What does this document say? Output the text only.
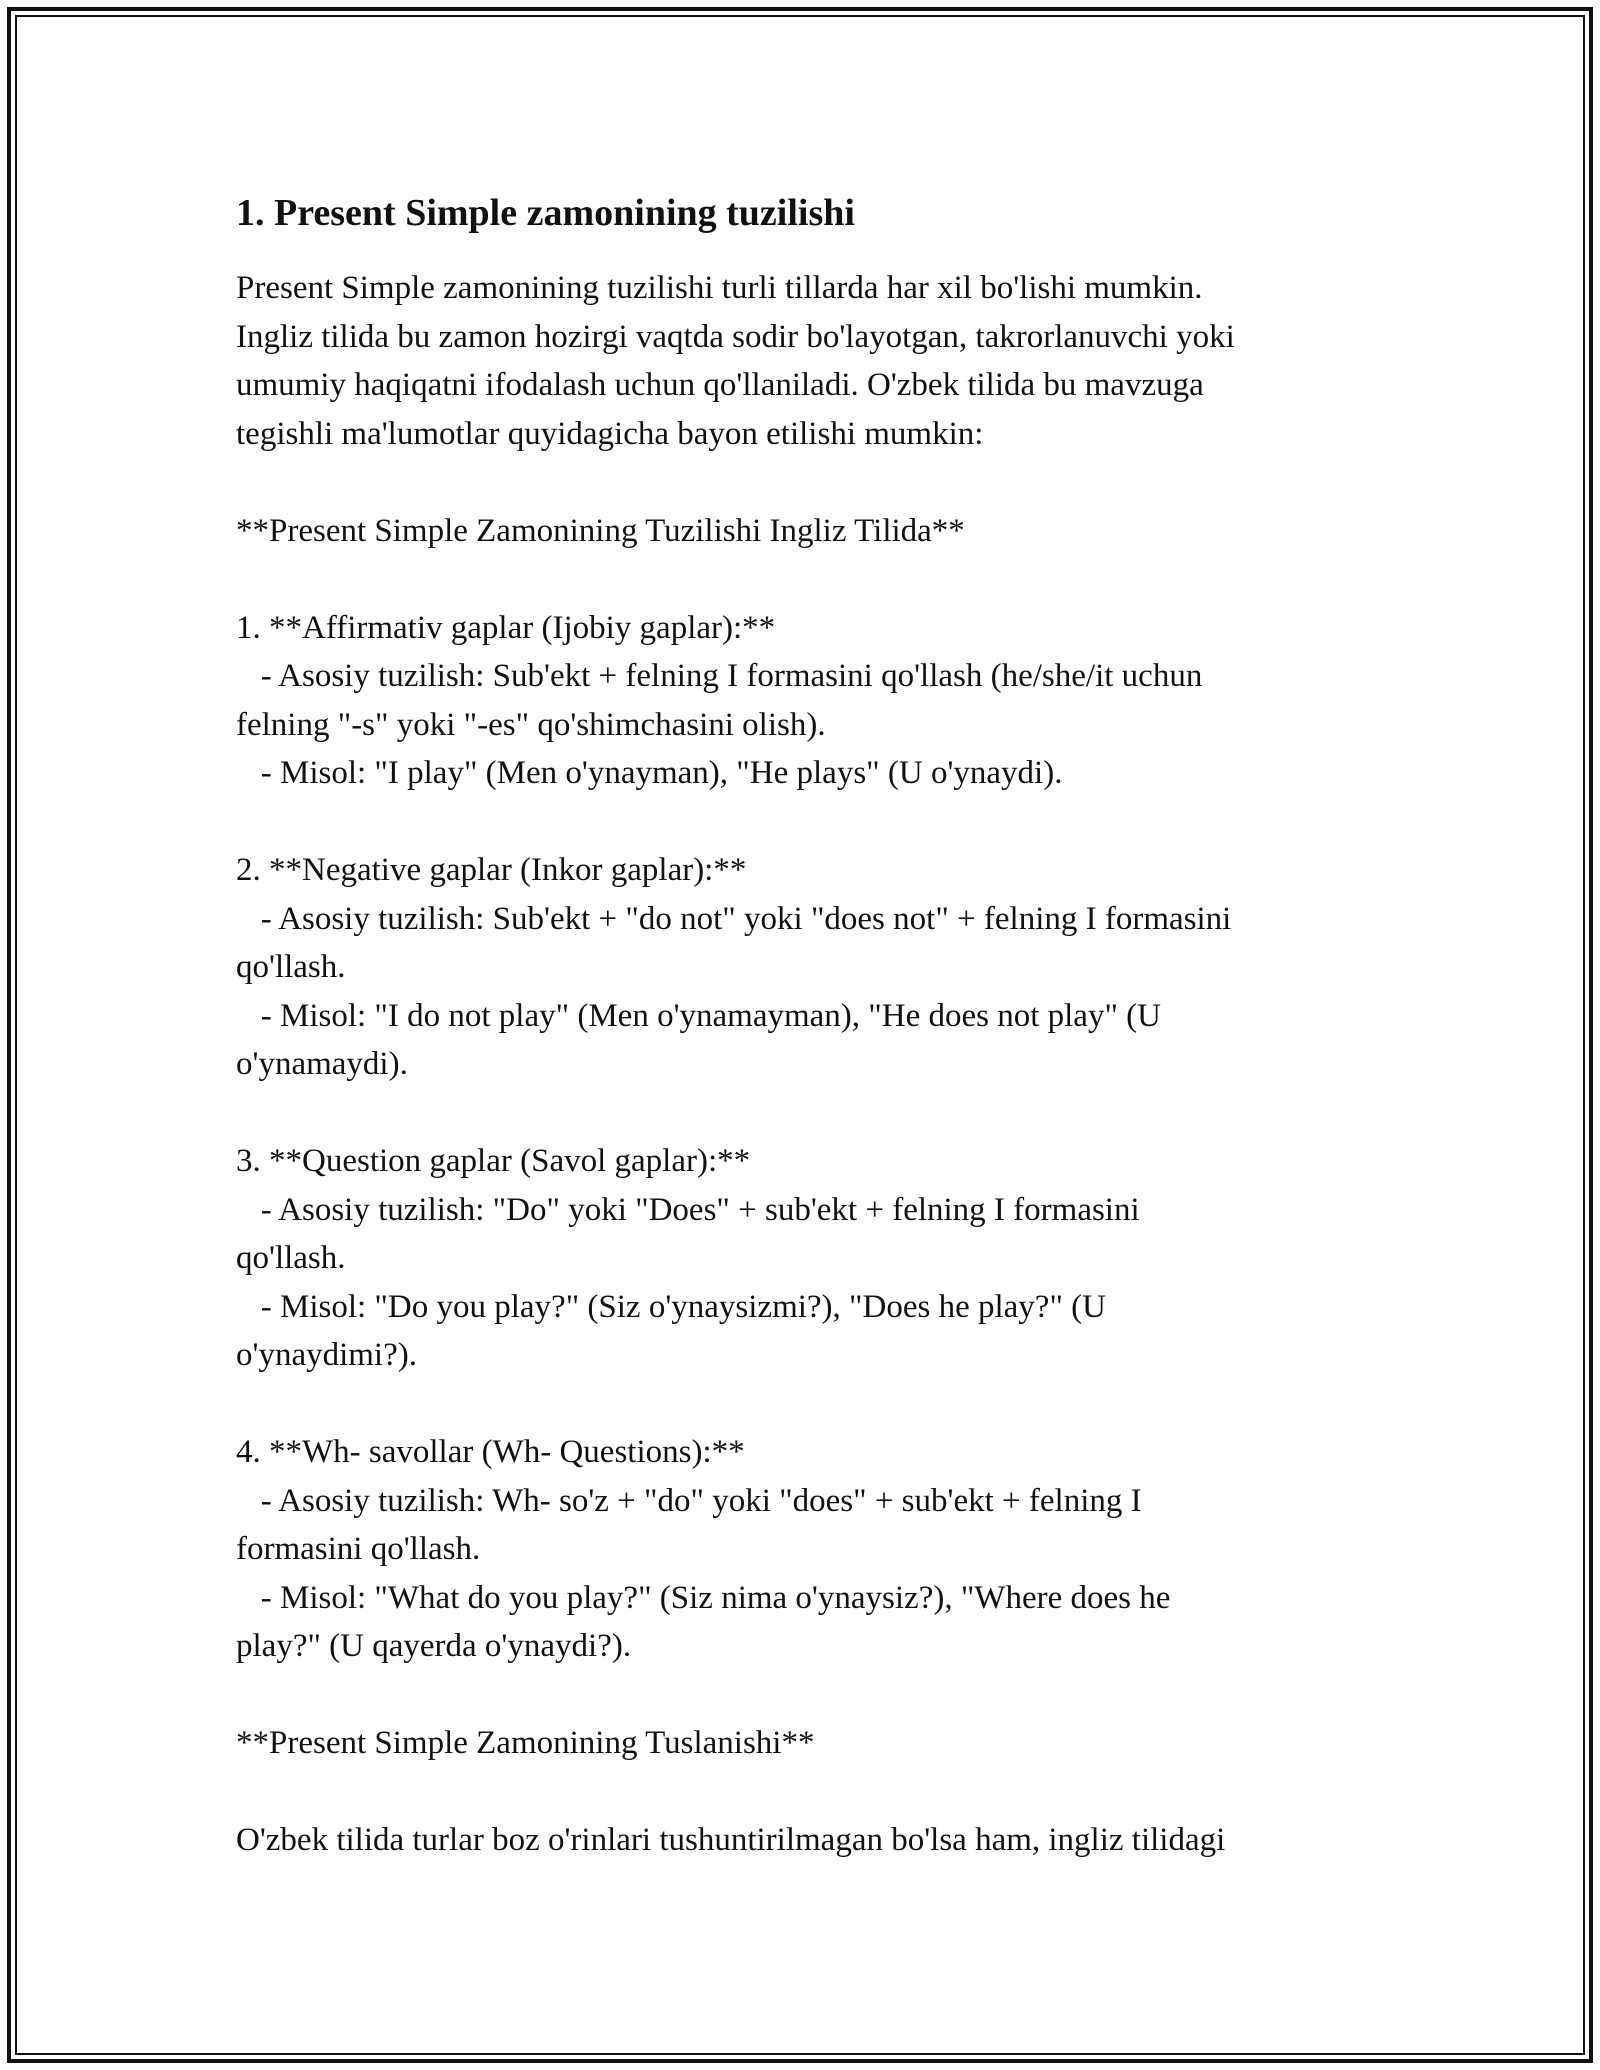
1. Present Simple zamonining tuzilishi

Present Simple zamonining tuzilishi turli tillarda har xil bo'lishi mumkin.
Ingliz tilida bu zamon hozirgi vaqtda sodir bo'layotgan, takrorlanuvchi yoki
umumiy haqiqatni ifodalash uchun qo'llaniladi. O'zbek tilida bu mavzuga
tegishli ma'lumotlar quyidagicha bayon etilishi mumkin:

**Present Simple Zamonining Tuzilishi Ingliz Tilida**

1. **Affirmativ gaplar (Ijobiy gaplar):**
- Asosiy tuzilish: Sub'ekt + felning I formasini qo'llash (he/she/it uchun
felning "-s" yoki "-es" qo'shimchasini olish).
- Misol: "I play" (Men o'ynayman), "He plays" (U o'ynaydi).

2. **Negative gaplar (Inkor gaplar):**
- Asosiy tuzilish: Sub'ekt + "do not" yoki "does not" + felning I formasini
qo'llash.
- Misol: "I do not play" (Men o'ynamayman), "He does not play" (U
o'ynamaydi).

3. **Question gaplar (Savol gaplar):**
- Asosiy tuzilish: "Do" yoki "Does" + sub'ekt + felning I formasini
qo'llash.
- Misol: "Do you play?" (Siz o'ynaysizmi?), "Does he play?" (U
o'ynaydimi?).

4. **Wh- savollar (Wh- Questions):**
- Asosiy tuzilish: Wh- so'z + "do" yoki "does" + sub'ekt + felning I
formasini qo'llash.
- Misol: "What do you play?" (Siz nima o'ynaysiz?), "Where does he
play?" (U qayerda o'ynaydi?).

**Present Simple Zamonining Tuslanishi**

O'zbek tilida turlar boz o'rinlari tushuntirilmagan bo'lsa ham, ingliz tilidagi
